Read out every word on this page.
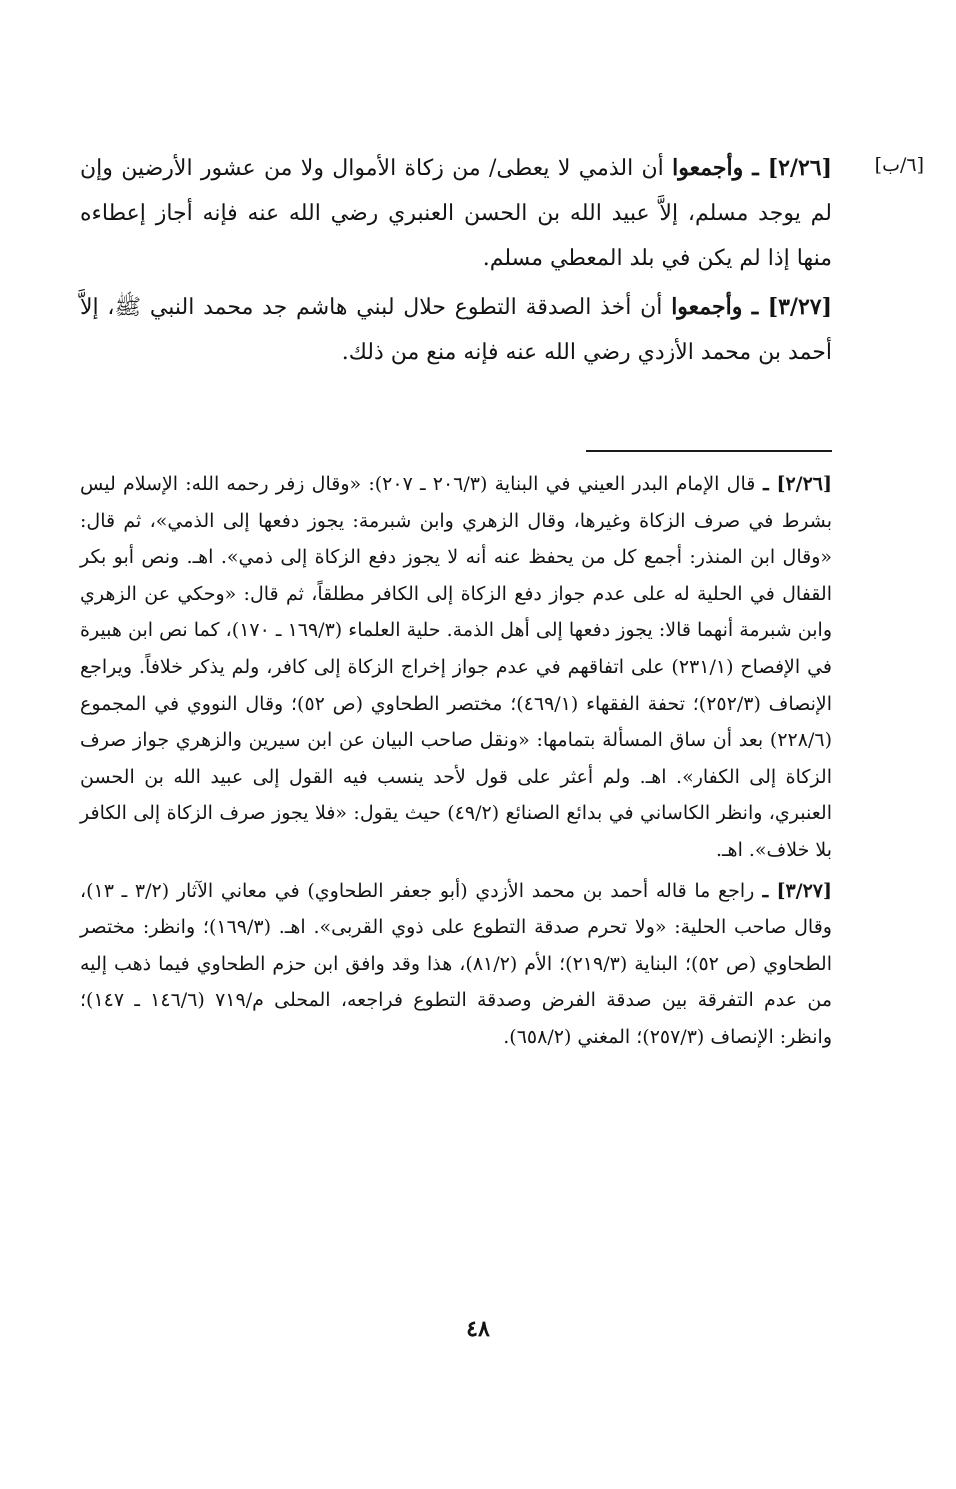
[٦/ب]

[٢/٢٦] ـ وأجمعوا أن الذمي لا يعطى/ من زكاة الأموال ولا من عشور الأرضين وإن لم يوجد مسلم، إلاَّ عبيد الله بن الحسن العنبري رضي الله عنه فإنه أجاز إعطاءه منها إذا لم يكن في بلد المعطي مسلم.

[٣/٢٧] ـ وأجمعوا أن أخذ الصدقة التطوع حلال لبني هاشم جد محمد النبي ﷺ، إلاَّ أحمد بن محمد الأزدي رضي الله عنه فإنه منع من ذلك.

[٢/٢٦] ـ قال الإمام البدر العيني في البناية (٢٠٦/٣ ـ ٢٠٧): «وقال زفر رحمه الله: الإسلام ليس بشرط في صرف الزكاة وغيرها، وقال الزهري وابن شبرمة: يجوز دفعها إلى الذمي»، ثم قال: «وقال ابن المنذر: أجمع كل من يحفظ عنه أنه لا يجوز دفع الزكاة إلى ذمي». اهـ. ونص أبو بكر القفال في الحلية له على عدم جواز دفع الزكاة إلى الكافر مطلقاً، ثم قال: «وحكي عن الزهري وابن شبرمة أنهما قالا: يجوز دفعها إلى أهل الذمة. حلية العلماء (١٦٩/٣ ـ ١٧٠)، كما نص ابن هبيرة في الإفصاح (٢٣١/١) على اتفاقهم في عدم جواز إخراج الزكاة إلى كافر، ولم يذكر خلافاً. ويراجع الإنصاف (٢٥٢/٣)؛ تحفة الفقهاء (٤٦٩/١)؛ مختصر الطحاوي (ص ٥٢)؛ وقال النووي في المجموع (٢٢٨/٦) بعد أن ساق المسألة بتمامها: «ونقل صاحب البيان عن ابن سيرين والزهري جواز صرف الزكاة إلى الكفار». اهـ. ولم أعثر على قول لأحد ينسب فيه القول إلى عبيد الله بن الحسن العنبري، وانظر الكاساني في بدائع الصنائع (٤٩/٢) حيث يقول: «فلا يجوز صرف الزكاة إلى الكافر بلا خلاف». اهـ.

[٣/٢٧] ـ راجع ما قاله أحمد بن محمد الأزدي (أبو جعفر الطحاوي) في معاني الآثار (٣/٢ ـ ١٣)، وقال صاحب الحلية: «ولا تحرم صدقة التطوع على ذوي القربى». اهـ. (١٦٩/٣)؛ وانظر: مختصر الطحاوي (ص ٥٢)؛ البناية (٢١٩/٣)؛ الأم (٨١/٢)، هذا وقد وافق ابن حزم الطحاوي فيما ذهب إليه من عدم التفرقة بين صدقة الفرض وصدقة التطوع فراجعه، المحلى م/٧١٩ (١٤٦/٦ ـ ١٤٧)؛ وانظر: الإنصاف (٢٥٧/٣)؛ المغني (٦٥٨/٢).

٤٨
